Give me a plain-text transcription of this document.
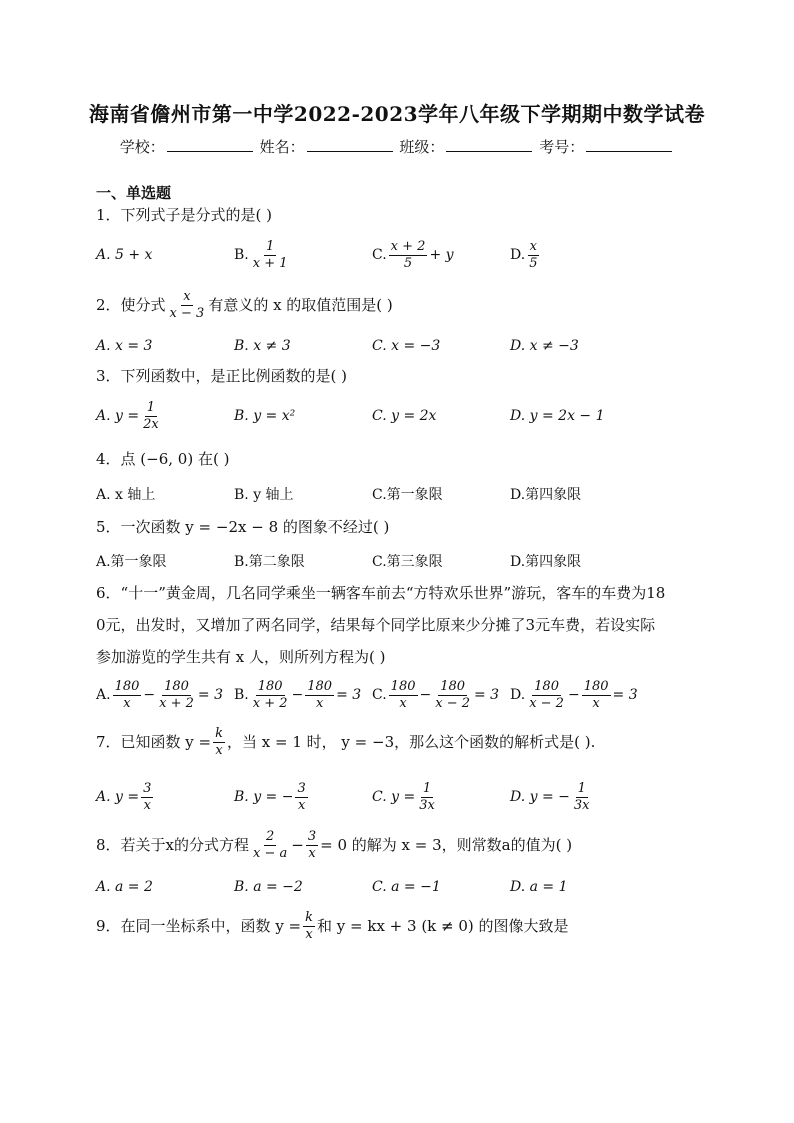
海南省儋州市第一中学2022-2023学年八年级下学期期中数学试卷
学校：	姓名：	班级：	考号：
一、单选题
1．下列式子是分式的是( )
A. 5 + x	B. $\frac{1}{x + 1}$	C. $\frac{x + 2}{5} + y$	D. $\frac{x}{5}$
2．使分式 $\frac{x}{x - 3}$ 有意义的 x 的取值范围是( )
A. x = 3	B. x ≠ 3	C. x = −3	D. x ≠ −3
3．下列函数中，是正比例函数的是( )
A. $y = \frac{1}{2x}$	B. y = x²	C. y = 2x	D. y = 2x − 1
4．点 (−6, 0) 在( )
A. x 轴上	B. y 轴上	C.第一象限	D.第四象限
5．一次函数 y = −2x − 8 的图象不经过( )
A.第一象限	B.第二象限	C.第三象限	D.第四象限
6．“十一”黄金周，几名同学乘坐一辆客车前去“方特欢乐世界”游玩，客车的车费为18
0元，出发时，又增加了两名同学，结果每个同学比原来少分摊了3元车费，若设实际
参加游览的学生共有 x 人，则所列方程为( )
A. $\frac{180}{x} - \frac{180}{x + 2} = 3$ B. $\frac{180}{x + 2} - \frac{180}{x} = 3$ C. $\frac{180}{x} - \frac{180}{x - 2} = 3$ D. $\frac{180}{x - 2} - \frac{180}{x} = 3$
7．已知函数 $y = \frac{k}{x}$ ，当 x = 1 时， y = −3，那么这个函数的解析式是( ).
A. $y = \frac{3}{x}$	B. y = − $\frac{3}{x}$	C. $y = \frac{1}{3x}$	D. y = − $\frac{1}{3x}$
8．若关于x的分式方程 $\frac{2}{x - a} - \frac{3}{x} = 0$ 的解为 x = 3，则常数a的值为( )
A. a = 2	B. a = −2	C. a = −1	D. a = 1
9．在同一坐标系中，函数 $y = \frac{k}{x}$ 和 y = kx + 3 (k ≠ 0) 的图像大致是
